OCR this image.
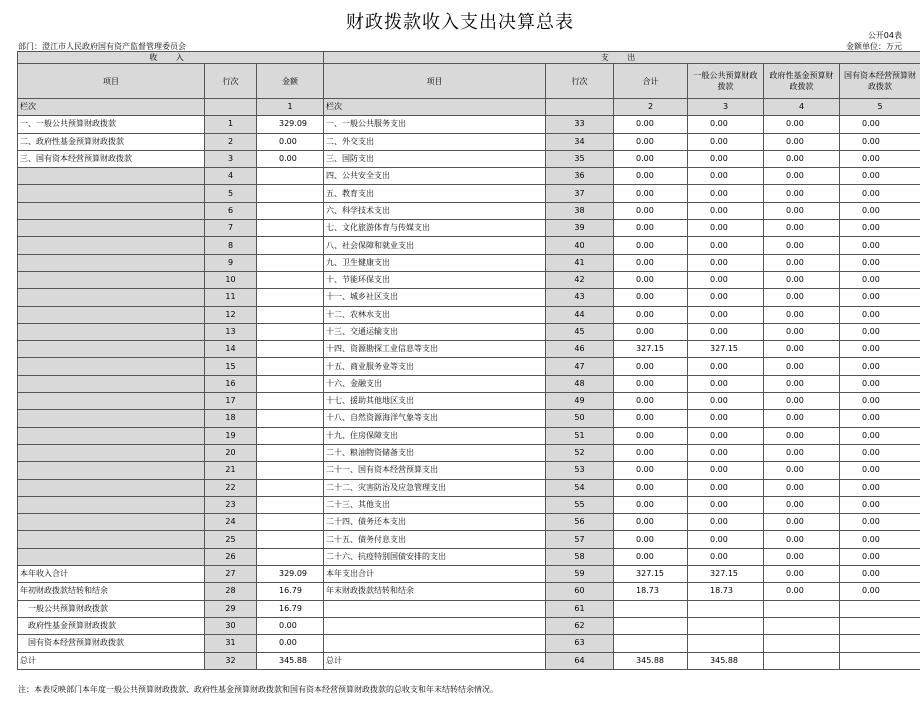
财政拨款收入支出决算总表
公开04表
部门：澄江市人民政府国有资产监督管理委员会	金额单位：万元
收 入			支 出					
项目	行次	金额	项目	行次	合计	一般公共预算财政拨款	政府性基金预算财政拨款	国有资本经营预算财政拨款
栏次		1	栏次		2	3	4	5
一、一般公共预算财政拨款	1	329.09	一、一般公共服务支出	33	0.00	0.00	0.00	0.00
二、政府性基金预算财政拨款	2	0.00	二、外交支出	34	0.00	0.00	0.00	0.00
三、国有资本经营预算财政拨款	3	0.00	三、国防支出	35	0.00	0.00	0.00	0.00
	4		四、公共安全支出	36	0.00	0.00	0.00	0.00
	5		五、教育支出	37	0.00	0.00	0.00	0.00
	6		六、科学技术支出	38	0.00	0.00	0.00	0.00
	7		七、文化旅游体育与传媒支出	39	0.00	0.00	0.00	0.00
	8		八、社会保障和就业支出	40	0.00	0.00	0.00	0.00
	9		九、卫生健康支出	41	0.00	0.00	0.00	0.00
	10		十、节能环保支出	42	0.00	0.00	0.00	0.00
	11		十一、城乡社区支出	43	0.00	0.00	0.00	0.00
	12		十二、农林水支出	44	0.00	0.00	0.00	0.00
	13		十三、交通运输支出	45	0.00	0.00	0.00	0.00
	14		十四、资源勘探工业信息等支出	46	327.15	327.15	0.00	0.00
	15		十五、商业服务业等支出	47	0.00	0.00	0.00	0.00
	16		十六、金融支出	48	0.00	0.00	0.00	0.00
	17		十七、援助其他地区支出	49	0.00	0.00	0.00	0.00
	18		十八、自然资源海洋气象等支出	50	0.00	0.00	0.00	0.00
	19		十九、住房保障支出	51	0.00	0.00	0.00	0.00
	20		二十、粮油物资储备支出	52	0.00	0.00	0.00	0.00
	21		二十一、国有资本经营预算支出	53	0.00	0.00	0.00	0.00
	22		二十二、灾害防治及应急管理支出	54	0.00	0.00	0.00	0.00
	23		二十三、其他支出	55	0.00	0.00	0.00	0.00
	24		二十四、债务还本支出	56	0.00	0.00	0.00	0.00
	25		二十五、债务付息支出	57	0.00	0.00	0.00	0.00
	26		二十六、抗疫特别国债安排的支出	58	0.00	0.00	0.00	0.00
本年收入合计	27	329.09	本年支出合计	59	327.15	327.15	0.00	0.00
年初财政拨款结转和结余	28	16.79	年末财政拨款结转和结余	60	18.73	18.73	0.00	0.00
一般公共预算财政拨款	29	16.79		61				
政府性基金预算财政拨款	30	0.00		62				
国有资本经营预算财政拨款	31	0.00		63				
总计	32	345.88	总计	64	345.88	345.88		
注：本表反映部门本年度一般公共预算财政拨款、政府性基金预算财政拨款和国有资本经营预算财政拨款的总收支和年末结转结余情况。
